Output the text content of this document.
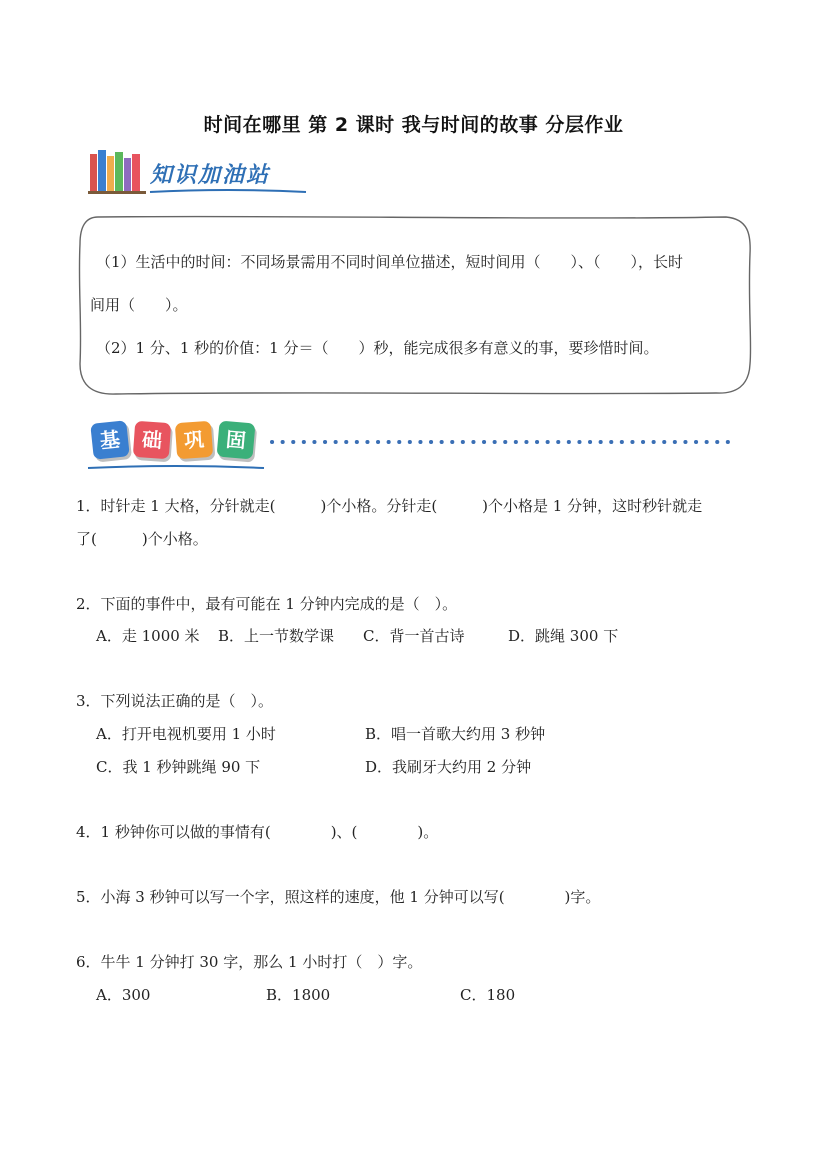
时间在哪里 第 2 课时 我与时间的故事 分层作业
知识加油站
（1）生活中的时间：不同场景需用不同时间单位描述，短时间用（　　）、（　　），长时
间用（　　）。
（2）1 分、1 秒的价值：1 分＝（　　）秒，能完成很多有意义的事，要珍惜时间。
基 础 巩 固
1．时针走 1 大格，分针就走(　　　)个小格。分针走(　　　)个小格是 1 分钟，这时秒针就走
了(　　　)个小格。
2．下面的事件中，最有可能在 1 分钟内完成的是（　）。
A．走 1000 米 B．上一节数学课 C．背一首古诗	D．跳绳 300 下
3．下列说法正确的是（　）。
A．打开电视机要用 1 小时	B．唱一首歌大约用 3 秒钟
C．我 1 秒钟跳绳 90 下	D．我刷牙大约用 2 分钟
4．1 秒钟你可以做的事情有(　　　　)、(　　　　)。
5．小海 3 秒钟可以写一个字，照这样的速度，他 1 分钟可以写(　　　　)字。
6．牛牛 1 分钟打 30 字，那么 1 小时打（　）字。
A．300	B．1800	C．180
